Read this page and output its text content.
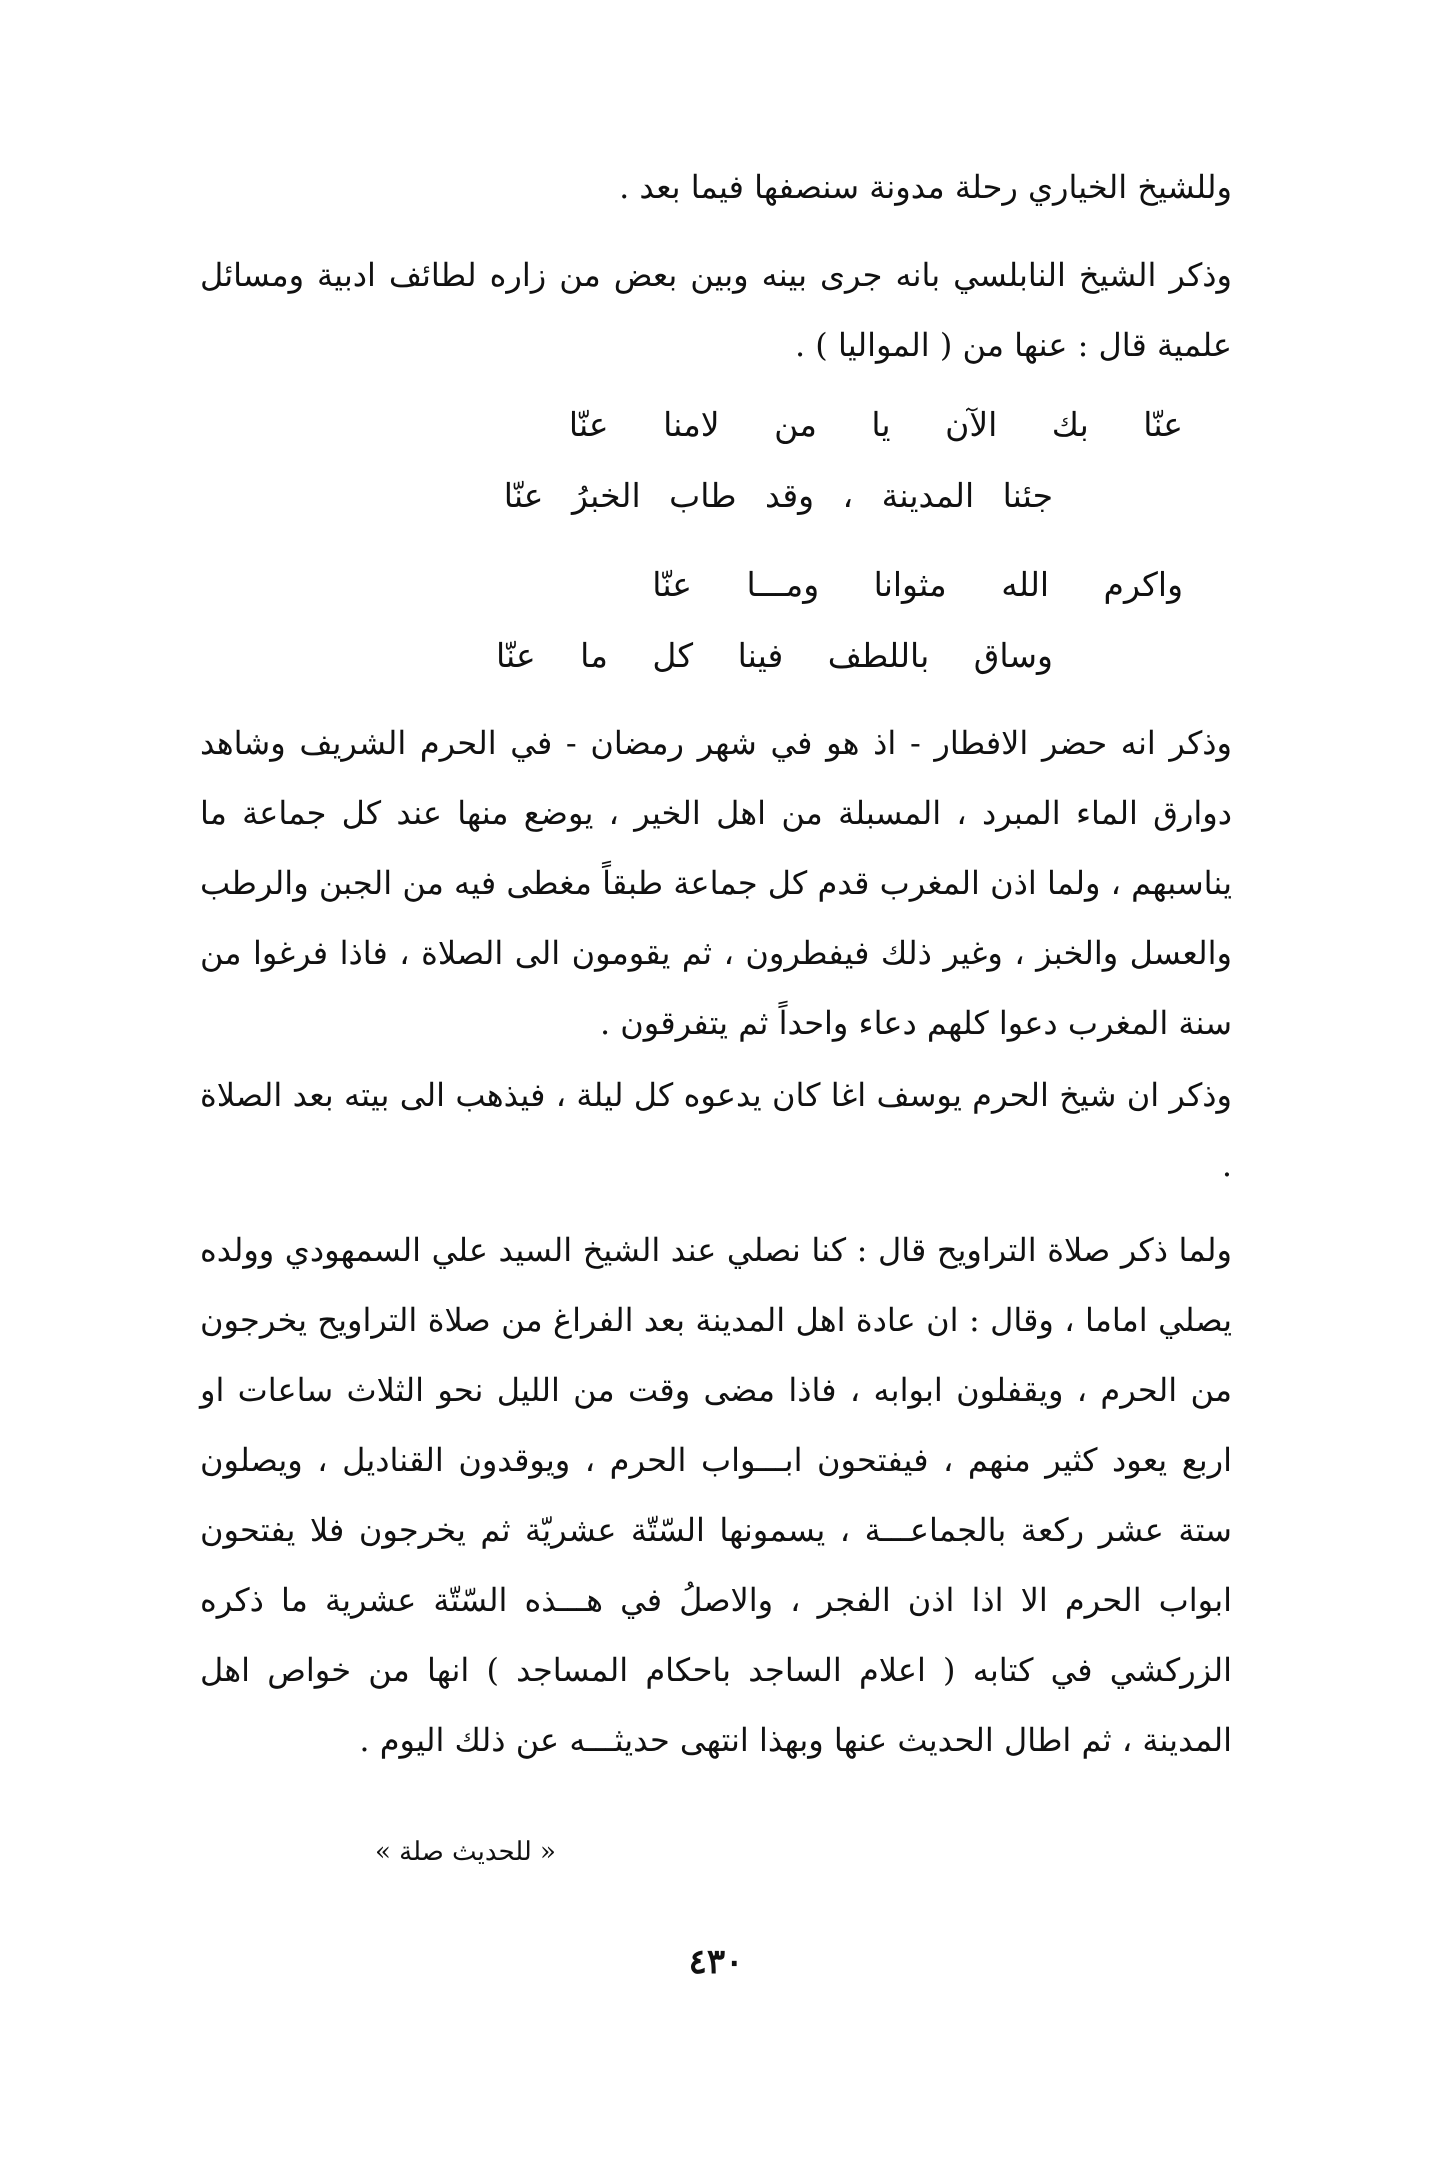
وللشيخ الخياري رحلة مدونة سنصفها فيما بعد .

وذكر الشيخ النابلسي بانه جرى بينه وبين بعض من زاره لطائف ادبية ومسائل علمية قال : عنها من ( المواليا ) .

عنّا بك الآن يا من لامنا عنّا
جئنا المدينة ، وقد طاب الخبرُ عنّا
واكرم الله مثوانا ومـــا عنّا
وساق باللطف فينا كل ما عنّا

وذكر انه حضر الافطار - اذ هو في شهر رمضان - في الحرم الشريف وشاهد دوارق الماء المبرد ، المسبلة من اهل الخير ، يوضع منها عند كل جماعة ما يناسبهم ، ولما اذن المغرب قدم كل جماعة طبقاً مغطى فيه من الجبن والرطب والعسل والخبز ، وغير ذلك فيفطرون ، ثم يقومون الى الصلاة ، فاذا فرغوا من سنة المغرب دعوا كلهم دعاء واحداً ثم يتفرقون .

وذكر ان شيخ الحرم يوسف اغا كان يدعوه كل ليلة ، فيذهب الى بيته بعد الصلاة .

ولما ذكر صلاة التراويح قال : كنا نصلي عند الشيخ السيد علي السمهودي وولده يصلي اماما ، وقال : ان عادة اهل المدينة بعد الفراغ من صلاة التراويح يخرجون من الحرم ، ويقفلون ابوابه ، فاذا مضى وقت من الليل نحو الثلاث ساعات او اربع يعود كثير منهم ، فيفتحون ابـــواب الحرم ، ويوقدون القناديل ، ويصلون ستة عشر ركعة بالجماعـــة ، يسمونها السّتّة عشريّة ثم يخرجون فلا يفتحون ابواب الحرم الا اذا اذن الفجر ، والاصلُ في هـــذه السّتّة عشرية ما ذكره الزركشي في كتابه ( اعلام الساجد باحكام المساجد ) انها من خواص اهل المدينة ، ثم اطال الحديث عنها وبهذا انتهى حديثـــه عن ذلك اليوم .

« للحديث صلة »
٤٣٠
